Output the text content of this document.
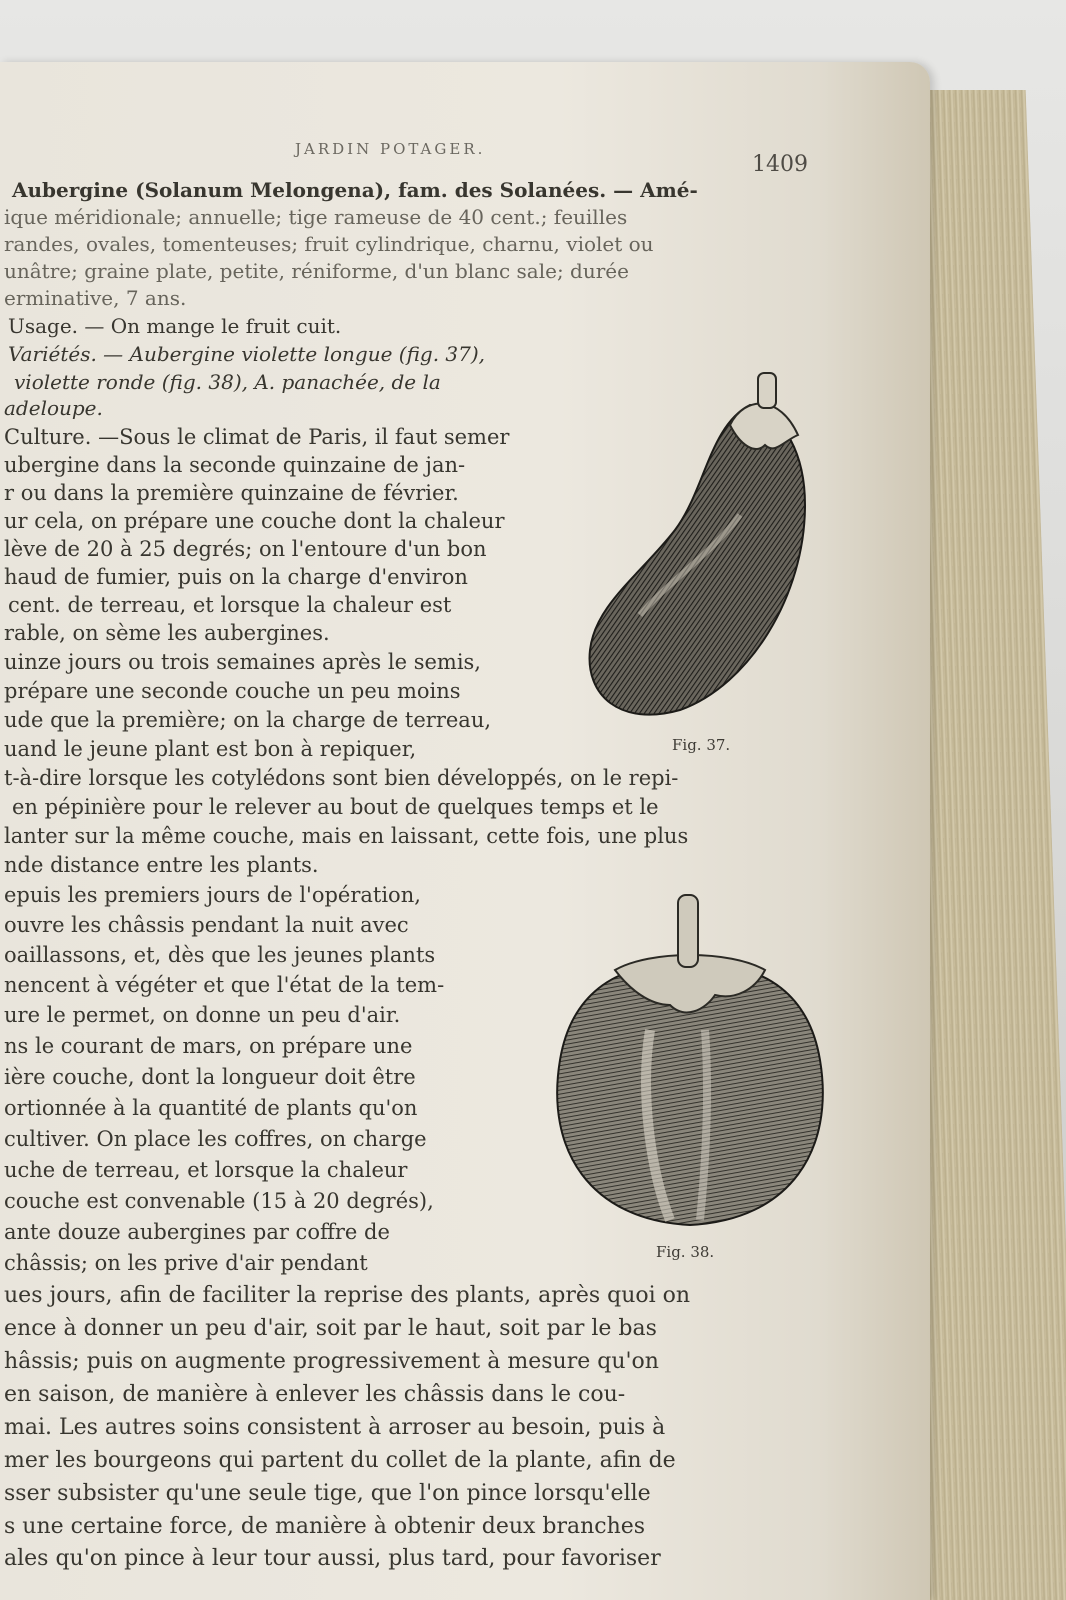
JARDIN POTAGER.
1409
Aubergine (Solanum Melongena), fam. des Solanées. — Amé-
ique méridionale; annuelle; tige rameuse de 40 cent.; feuilles
randes, ovales, tomenteuses; fruit cylindrique, charnu, violet ou
unâtre; graine plate, petite, réniforme, d'un blanc sale; durée
erminative, 7 ans.
Usage. — On mange le fruit cuit.
Variétés. — Aubergine violette longue (fig. 37),
violette ronde (fig. 38), A. panachée, de la
adeloupe.
Culture. —Sous le climat de Paris, il faut semer
ubergine dans la seconde quinzaine de jan-
r ou dans la première quinzaine de février.
ur cela, on prépare une couche dont la chaleur
lève de 20 à 25 degrés; on l'entoure d'un bon
haud de fumier, puis on la charge d'environ
cent. de terreau, et lorsque la chaleur est
rable, on sème les aubergines.
uinze jours ou trois semaines après le semis,
prépare une seconde couche un peu moins
ude que la première; on la charge de terreau,
uand le jeune plant est bon à repiquer,
t-à-dire lorsque les cotylédons sont bien développés, on le repi-
en pépinière pour le relever au bout de quelques temps et le
lanter sur la même couche, mais en laissant, cette fois, une plus
nde distance entre les plants.
epuis les premiers jours de l'opération,
ouvre les châssis pendant la nuit avec
oaillassons, et, dès que les jeunes plants
nencent à végéter et que l'état de la tem-
ure le permet, on donne un peu d'air.
ns le courant de mars, on prépare une
ière couche, dont la longueur doit être
ortionnée à la quantité de plants qu'on
cultiver. On place les coffres, on charge
uche de terreau, et lorsque la chaleur
couche est convenable (15 à 20 degrés),
ante douze aubergines par coffre de
châssis; on les prive d'air pendant
ues jours, afin de faciliter la reprise des plants, après quoi on
ence à donner un peu d'air, soit par le haut, soit par le bas
hâssis; puis on augmente progressivement à mesure qu'on
en saison, de manière à enlever les châssis dans le cou-
mai. Les autres soins consistent à arroser au besoin, puis à
mer les bourgeons qui partent du collet de la plante, afin de
sser subsister qu'une seule tige, que l'on pince lorsqu'elle
s une certaine force, de manière à obtenir deux branches
ales qu'on pince à leur tour aussi, plus tard, pour favoriser
Fig. 37.
Fig. 38.
